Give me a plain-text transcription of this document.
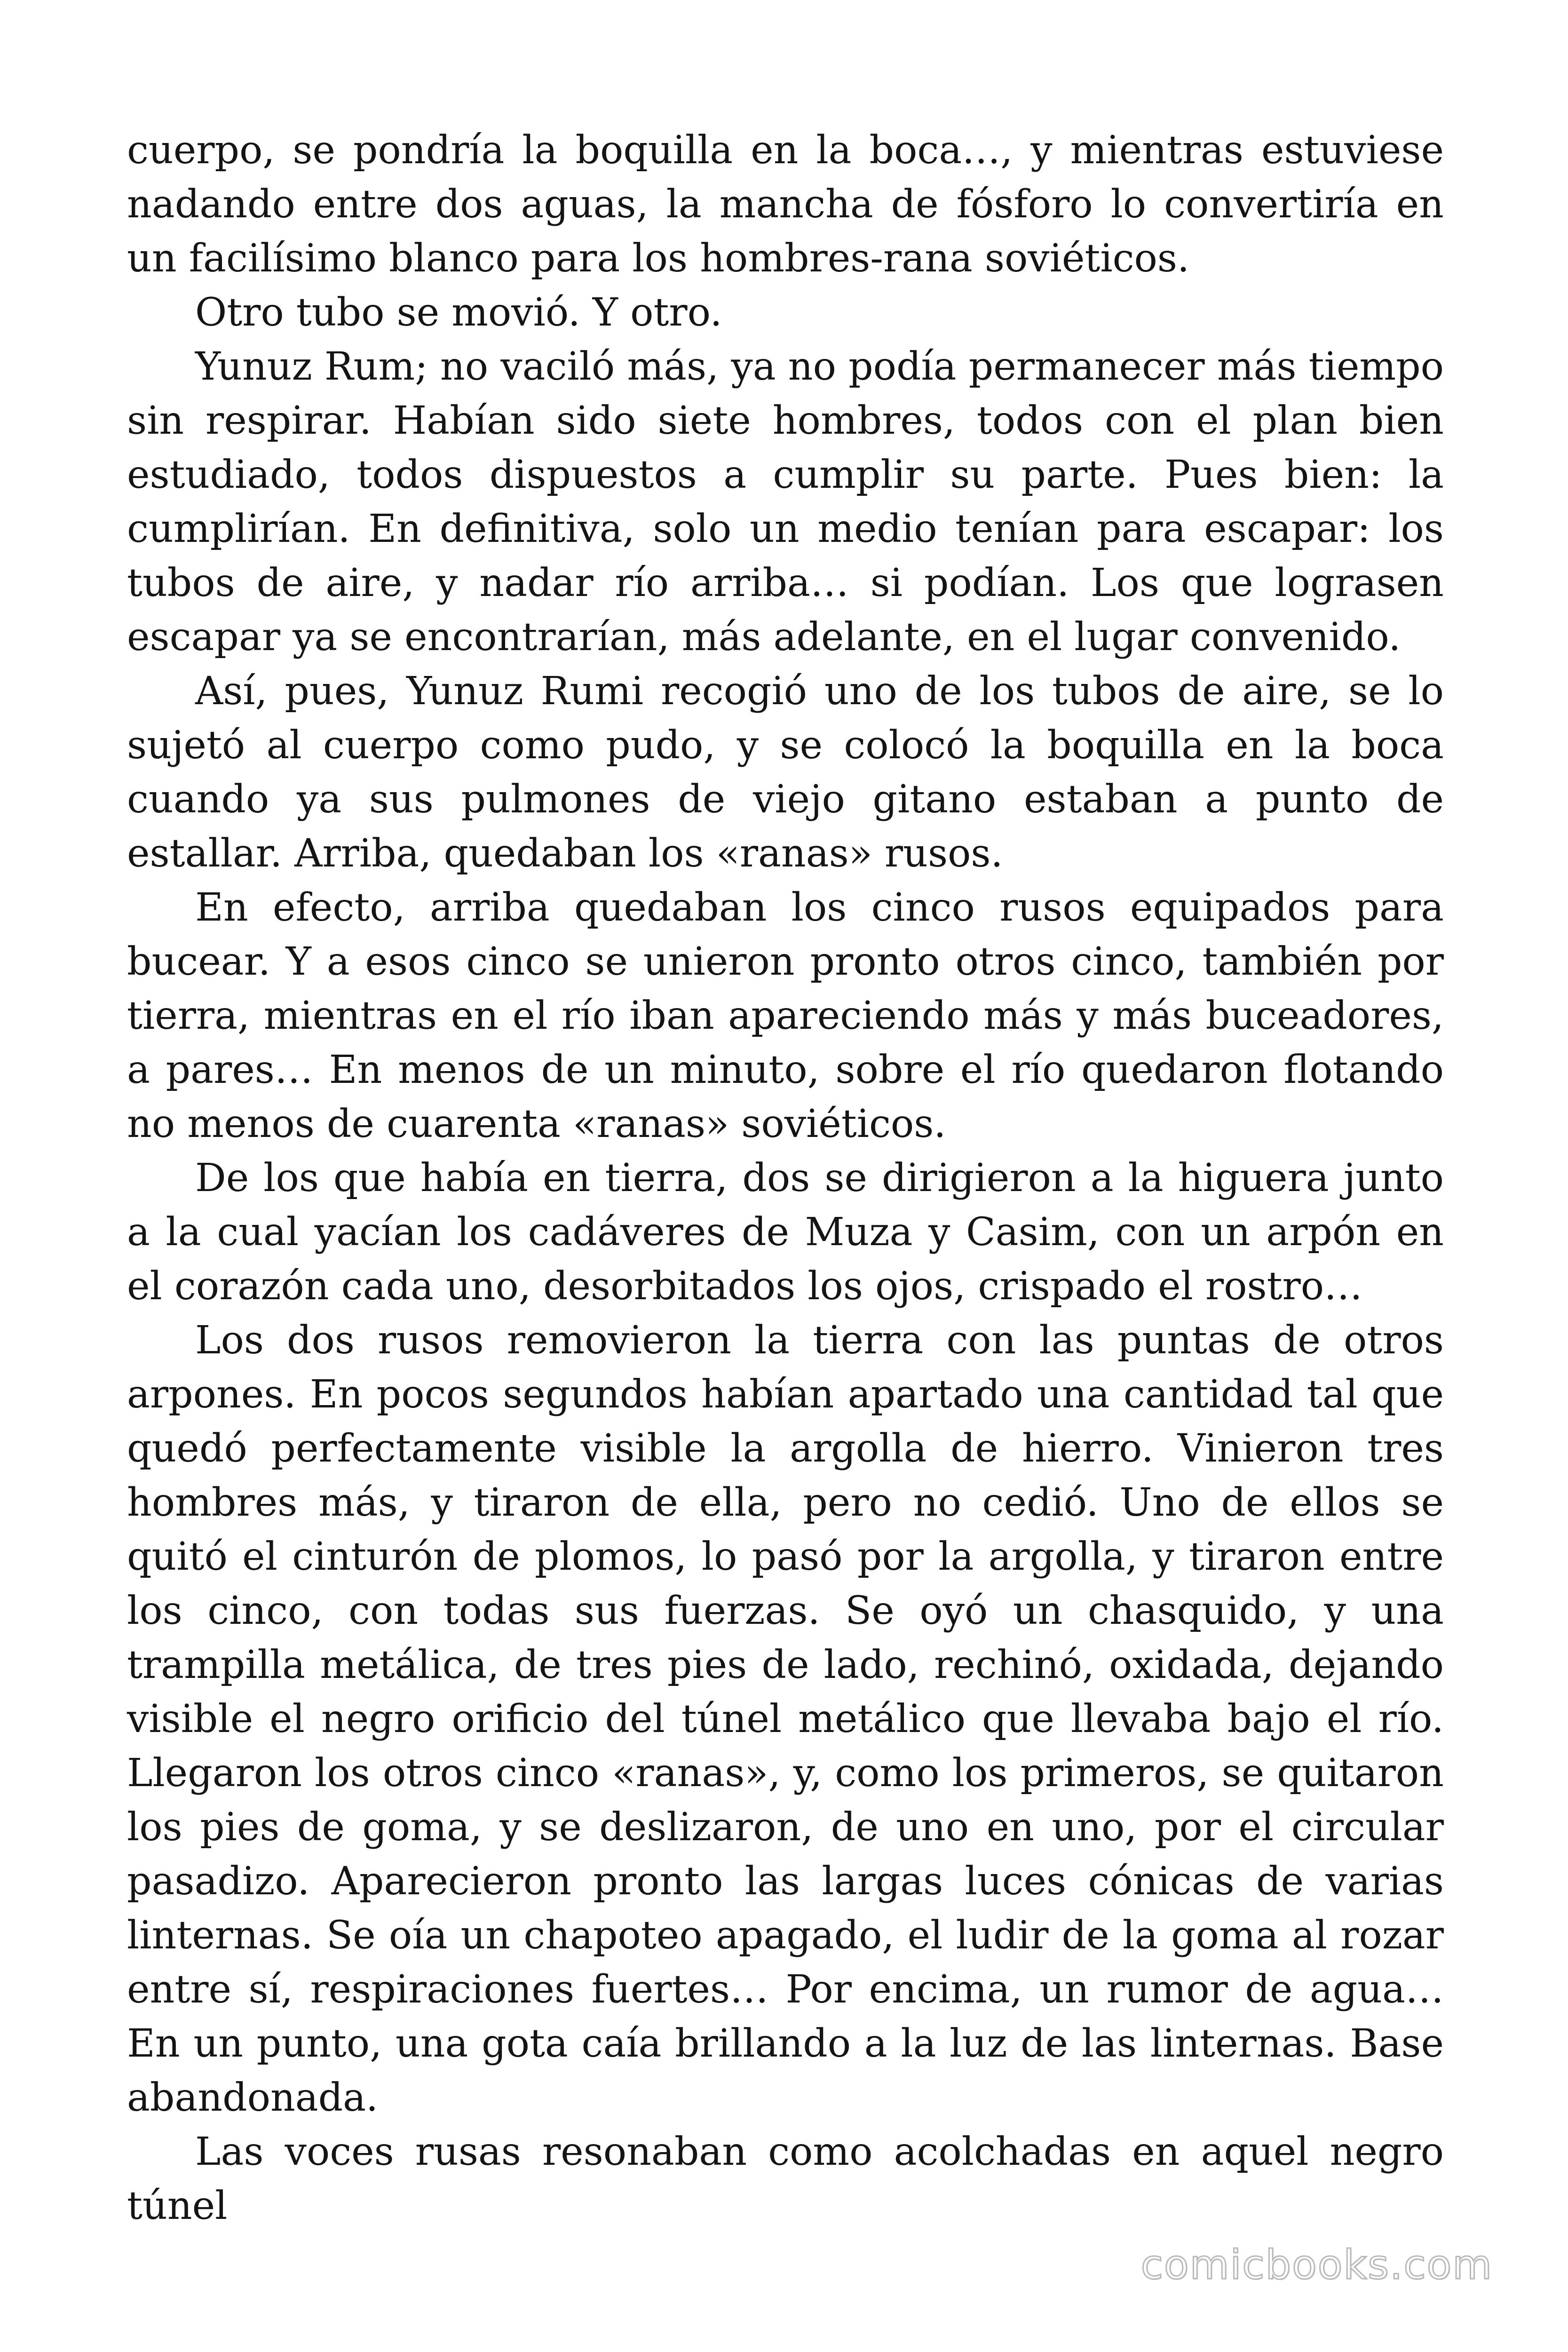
cuerpo, se pondría la boquilla en la boca…, y mientras estuviese nadando entre dos aguas, la mancha de fósforo lo convertiría en un facilísimo blanco para los hombres-rana soviéticos.

Otro tubo se movió. Y otro.

Yunuz Rum; no vaciló más, ya no podía permanecer más tiempo sin respirar. Habían sido siete hombres, todos con el plan bien estudiado, todos dispuestos a cumplir su parte. Pues bien: la cumplirían. En definitiva, solo un medio tenían para escapar: los tubos de aire, y nadar río arriba… si podían. Los que lograsen escapar ya se encontrarían, más adelante, en el lugar convenido.

Así, pues, Yunuz Rumi recogió uno de los tubos de aire, se lo sujetó al cuerpo como pudo, y se colocó la boquilla en la boca cuando ya sus pulmones de viejo gitano estaban a punto de estallar. Arriba, quedaban los «ranas» rusos.

En efecto, arriba quedaban los cinco rusos equipados para bucear. Y a esos cinco se unieron pronto otros cinco, también por tierra, mientras en el río iban apareciendo más y más buceadores, a pares… En menos de un minuto, sobre el río quedaron flotando no menos de cuarenta «ranas» soviéticos.

De los que había en tierra, dos se dirigieron a la higuera junto a la cual yacían los cadáveres de Muza y Casim, con un arpón en el corazón cada uno, desorbitados los ojos, crispado el rostro…

Los dos rusos removieron la tierra con las puntas de otros arpones. En pocos segundos habían apartado una cantidad tal que quedó perfectamente visible la argolla de hierro. Vinieron tres hombres más, y tiraron de ella, pero no cedió. Uno de ellos se quitó el cinturón de plomos, lo pasó por la argolla, y tiraron entre los cinco, con todas sus fuerzas. Se oyó un chasquido, y una trampilla metálica, de tres pies de lado, rechinó, oxidada, dejando visible el negro orificio del túnel metálico que llevaba bajo el río. Llegaron los otros cinco «ranas», y, como los primeros, se quitaron los pies de goma, y se deslizaron, de uno en uno, por el circular pasadizo. Aparecieron pronto las largas luces cónicas de varias linternas. Se oía un chapoteo apagado, el ludir de la goma al rozar entre sí, respiraciones fuertes… Por encima, un rumor de agua… En un punto, una gota caía brillando a la luz de las linternas. Base abandonada.

Las voces rusas resonaban como acolchadas en aquel negro túnel

comicbooks.com
